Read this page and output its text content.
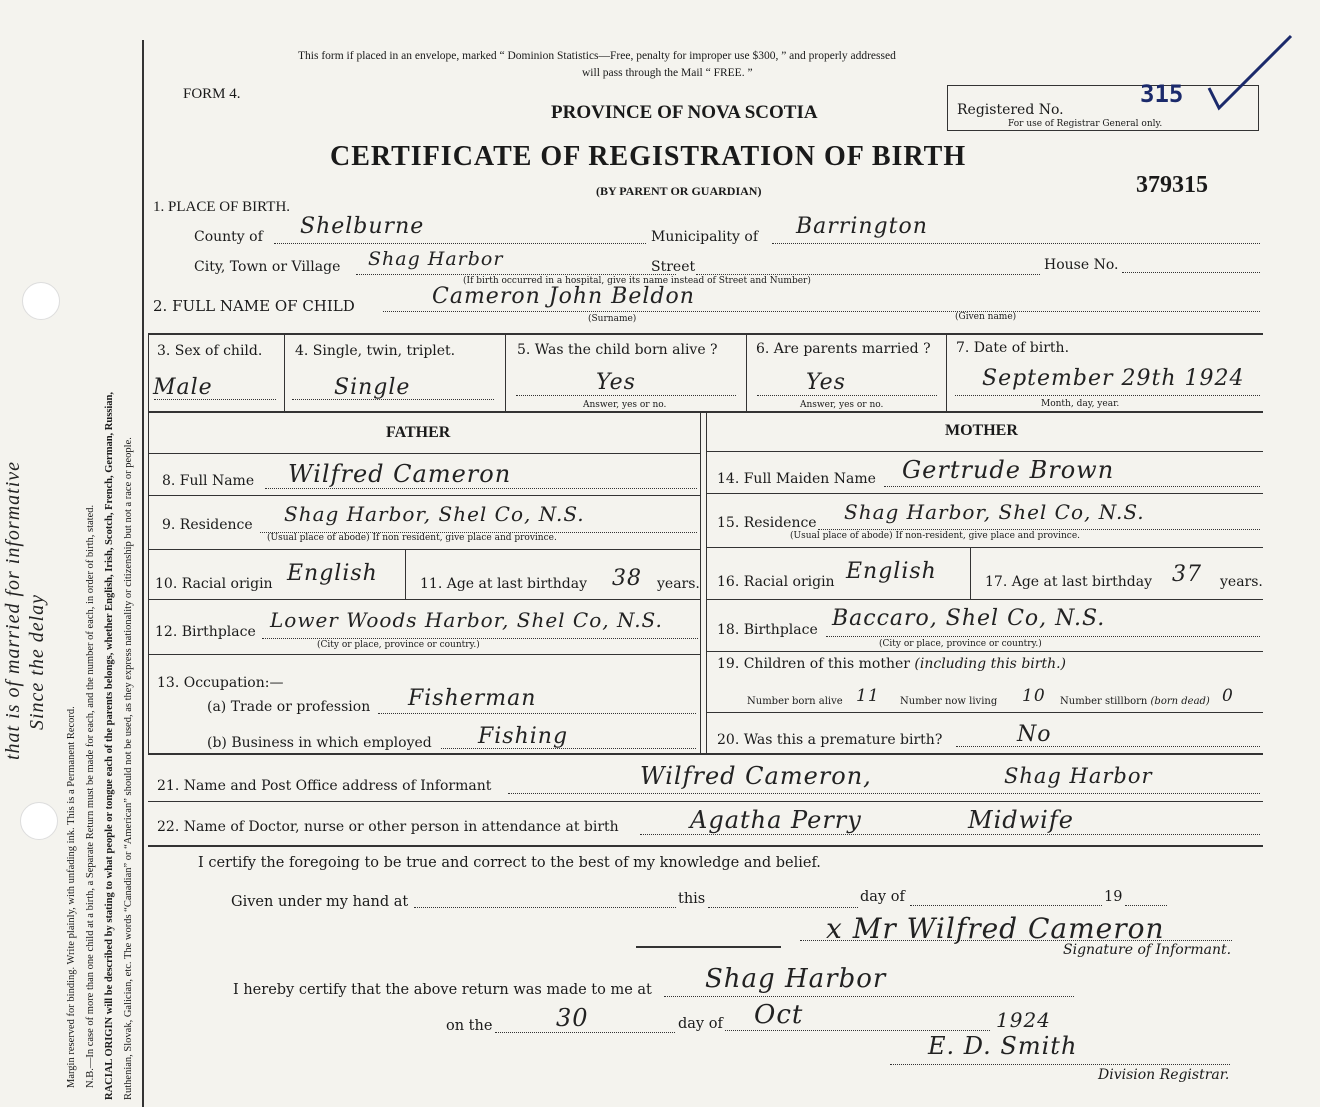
Margin reserved for binding. Write plainly, with unfading ink. This is a Permanent Record. N.B.—In case of more than one child at a birth, a Separate Return must be made for each, and the number of each, in order of birth, stated. RACIAL ORIGIN will be described by stating to what people or tongue each of the parents belongs, whether English, Irish, Scotch, French, German, Russian, Ruthenian, Slovak, Galician, etc. The words “Canadian” or “American” should not be used, as they express nationality or citizenship but not a race or people.
that is of married for informative Since the delay
This form if placed in an envelope, marked “ Dominion Statistics—Free, penalty for improper use $300, ” and properly addressed
will pass through the Mail “ FREE. ”
FORM 4.
PROVINCE OF NOVA SCOTIA	Registered No.
315
For use of Registrar General only.
CERTIFICATE OF REGISTRATION OF BIRTH
(BY PARENT OR GUARDIAN)	379315
1. PLACE OF BIRTH.
County of Shelburne	Municipality of Barrington
City, Town or Village Shag Harbor	Street	House No.
(If birth occurred in a hospital, give its name instead of Street and Number)
2. FULL NAME OF CHILD	Cameron John Beldon
(Surname)	(Given name)
3. Sex of child.
Male
4. Single, twin, triplet.
Single
5. Was the child born alive ?
Yes
Answer, yes or no.
6. Are parents married ?
Yes
Answer, yes or no.
7. Date of birth.
September 29th 1924
Month, day, year.
FATHER
8. Full Name Wilfred Cameron
9. Residence Shag Harbor, Shel Co, N.S.
(Usual place of abode) If non resident, give place and province.
10. Racial origin English	11. Age at last birthday 38 years.
12. Birthplace Lower Woods Harbor, Shel Co, N.S.
(City or place, province or country.)
13. Occupation:—
(a) Trade or profession Fisherman
(b) Business in which employed Fishing
MOTHER
14. Full Maiden Name Gertrude Brown
15. Residence Shag Harbor, Shel Co, N.S.
(Usual place of abode) If non-resident, give place and province.
16. Racial origin English	17. Age at last birthday 37 years.
18. Birthplace Baccaro, Shel Co, N.S.
(City or place, province or country.)
19. Children of this mother (including this birth.)
Number born alive 11 Number now living 10 Number stillborn (born dead) 0
20. Was this a premature birth?	No
21. Name and Post Office address of Informant	Wilfred Cameron,	Shag Harbor
22. Name of Doctor, nurse or other person in attendance at birth	Agatha Perry	Midwife
I certify the foregoing to be true and correct to the best of my knowledge and belief.
Given under my hand at	this	day of	19
x Mr Wilfred Cameron
Signature of Informant.
I hereby certify that the above return was made to me at Shag Harbor
on the	30	day of Oct	1924
E. D. Smith
Division Registrar.
